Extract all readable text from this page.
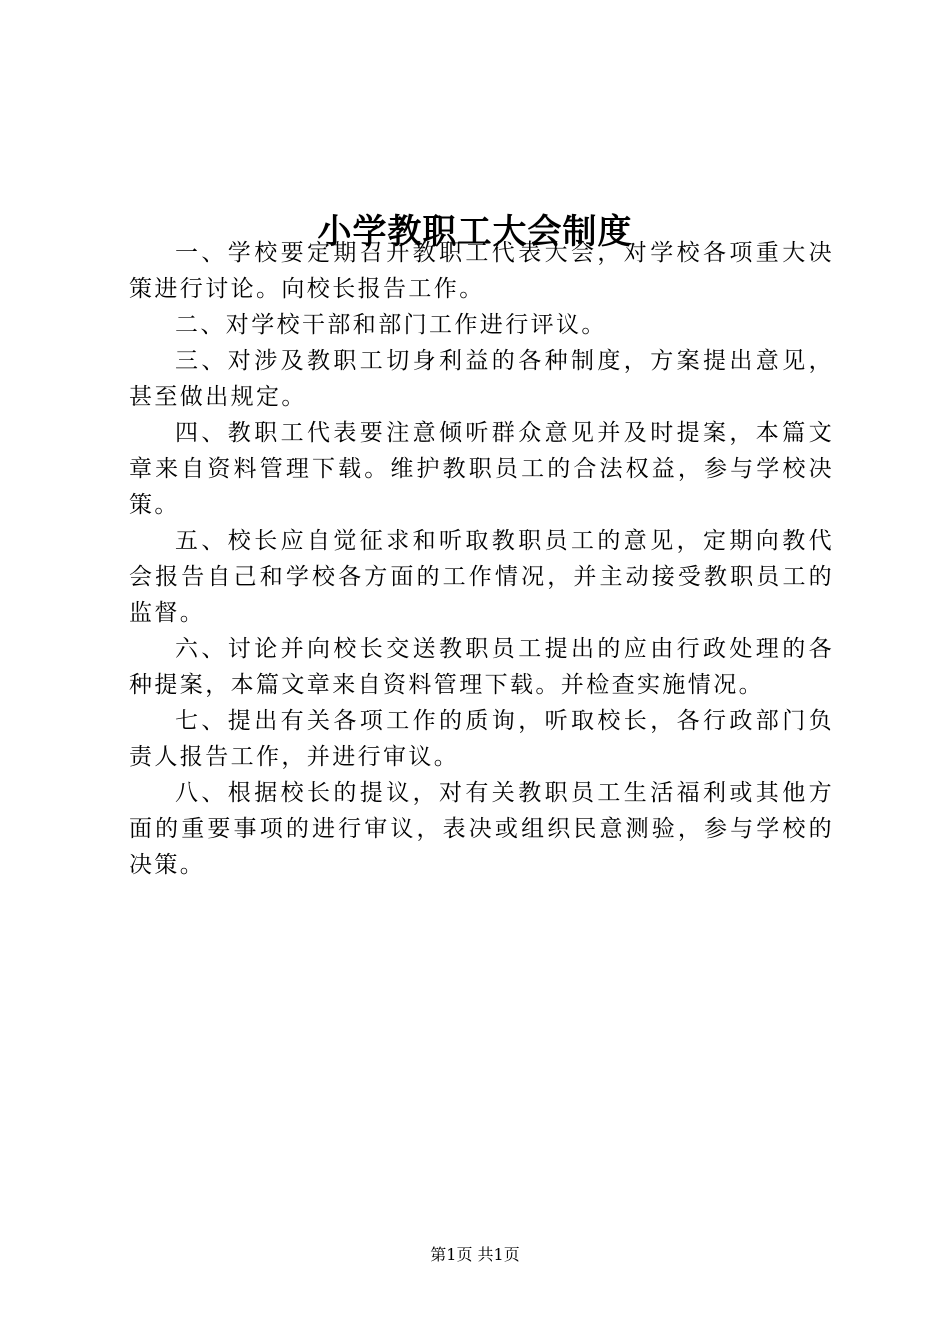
小学教职工大会制度

一、学校要定期召开教职工代表大会，对学校各项重大决策进行讨论。向校长报告工作。

二、对学校干部和部门工作进行评议。

三、对涉及教职工切身利益的各种制度，方案提出意见，甚至做出规定。

四、教职工代表要注意倾听群众意见并及时提案，本篇文章来自资料管理下载。维护教职员工的合法权益，参与学校决策。

五、校长应自觉征求和听取教职员工的意见，定期向教代会报告自己和学校各方面的工作情况，并主动接受教职员工的监督。

六、讨论并向校长交送教职员工提出的应由行政处理的各种提案，本篇文章来自资料管理下载。并检查实施情况。

七、提出有关各项工作的质询，听取校长，各行政部门负责人报告工作，并进行审议。

八、根据校长的提议，对有关教职员工生活福利或其他方面的重要事项的进行审议，表决或组织民意测验，参与学校的决策。

第1页 共1页
